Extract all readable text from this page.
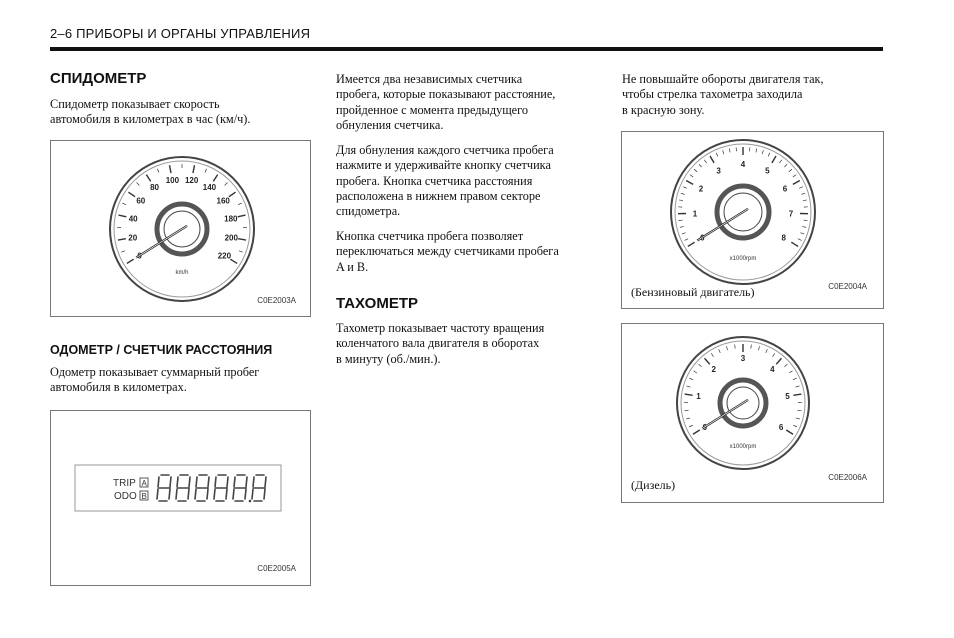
2–6 ПРИБОРЫ И ОРГАНЫ УПРАВЛЕНИЯ
СПИДОМЕТР
Спидометр показывает скорость
автомобиля в километрах в час (км/ч).
20
40
60
80
100 120
140
160
180
200
220
km/h
C0E2003A
ОДОМЕТР / СЧЕТЧИК РАССТОЯНИЯ
Одометр показывает суммарный пробег
автомобиля в километрах.
TRIP
ODO
A
B
C0E2005A
Имеется два независимых счетчика
пробега, которые показывают расстояние,
пройденное с момента предыдущего
обнуления счетчика.
Для обнуления каждого счетчика пробега
нажмите и удерживайте кнопку счетчика
пробега. Кнопка счетчика расстояния
расположена в нижнем правом секторе
спидометра.
Кнопка счетчика пробега позволяет
переключаться между счетчиками пробега
A и B.
ТАХОМЕТР
Тахометр показывает частоту вращения
коленчатого вала двигателя в оборотах
в минуту (об./мин.).
Не повышайте обороты двигателя так,
чтобы стрелка тахометра заходила
в красную зону.
1
2
3
4
5
6
7
8
x1000rpm
(Бензиновый двигатель)	C0E2004A
1
2
3
4
5
6
x1000rpm
(Дизель)
C0E2006A
